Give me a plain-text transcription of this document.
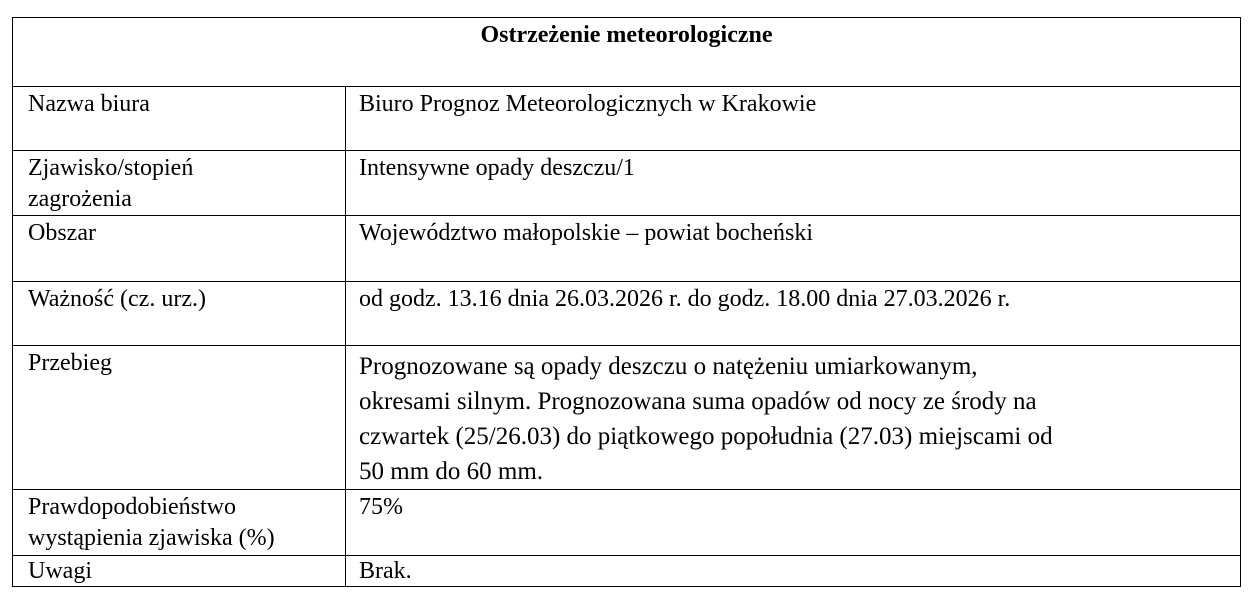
Ostrzeżenie meteorologiczne	
Nazwa biura	Biuro Prognoz Meteorologicznych w Krakowie

Zjawisko/stopień
zagrożenia	Intensywne opady deszczu/1
Obszar	Województwo małopolskie – powiat bocheński
Ważność (cz. urz.)	od godz. 13.16 dnia 26.03.2026 r. do godz. 18.00 dnia 27.03.2026 r.
Przebieg	Prognozowane są opady deszczu o natężeniu umiarkowanym,
okresami silnym. Prognozowana suma opadów od nocy ze środy na
czwartek (25/26.03) do piątkowego popołudnia (27.03) miejscami od
50 mm do 60 mm.

Prawdopodobieństwo
wystąpienia zjawiska (%)	75%
Uwagi	Brak.
